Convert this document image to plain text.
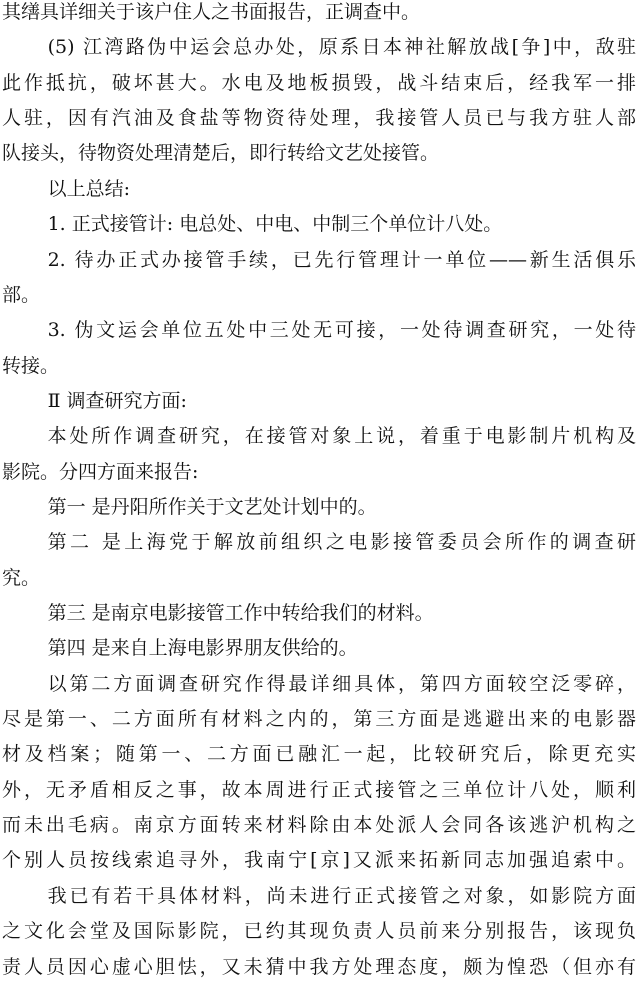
其缮具详细关于该户住人之书面报告，正调查中。
(5) 江湾路伪中运会总办处，原系日本神社解放战[争]中，敌驻
此作抵抗，破坏甚大。水电及地板损毁，战斗结束后，经我军一排
人驻，因有汽油及食盐等物资待处理，我接管人员已与我方驻人部
队接头，待物资处理清楚后，即行转给文艺处接管。
以上总结:
1. 正式接管计: 电总处、中电、中制三个单位计八处。
2. 待办正式办接管手续，已先行管理计一单位——新生活俱乐
部。
3. 伪文运会单位五处中三处无可接，一处待调查研究，一处待
转接。
Ⅱ 调查研究方面:
本处所作调查研究，在接管对象上说，着重于电影制片机构及
影院。分四方面来报告:
第一 是丹阳所作关于文艺处计划中的。
第二 是上海党于解放前组织之电影接管委员会所作的调查研
究。
第三 是南京电影接管工作中转给我们的材料。
第四 是来自上海电影界朋友供给的。
以第二方面调查研究作得最详细具体，第四方面较空泛零碎，
尽是第一、二方面所有材料之内的，第三方面是逃避出来的电影器
材及档案；随第一、二方面已融汇一起，比较研究后，除更充实
外，无矛盾相反之事，故本周进行正式接管之三单位计八处，顺利
而未出毛病。南京方面转来材料除由本处派人会同各该逃沪机构之
个别人员按线索追寻外，我南宁[京]又派来拓新同志加强追索中。
我已有若干具体材料，尚未进行正式接管之对象，如影院方面
之文化会堂及国际影院，已约其现负责人员前来分别报告，该现负
责人员因心虚心胆怯，又未猜中我方处理态度，颇为惶恐（但亦有
